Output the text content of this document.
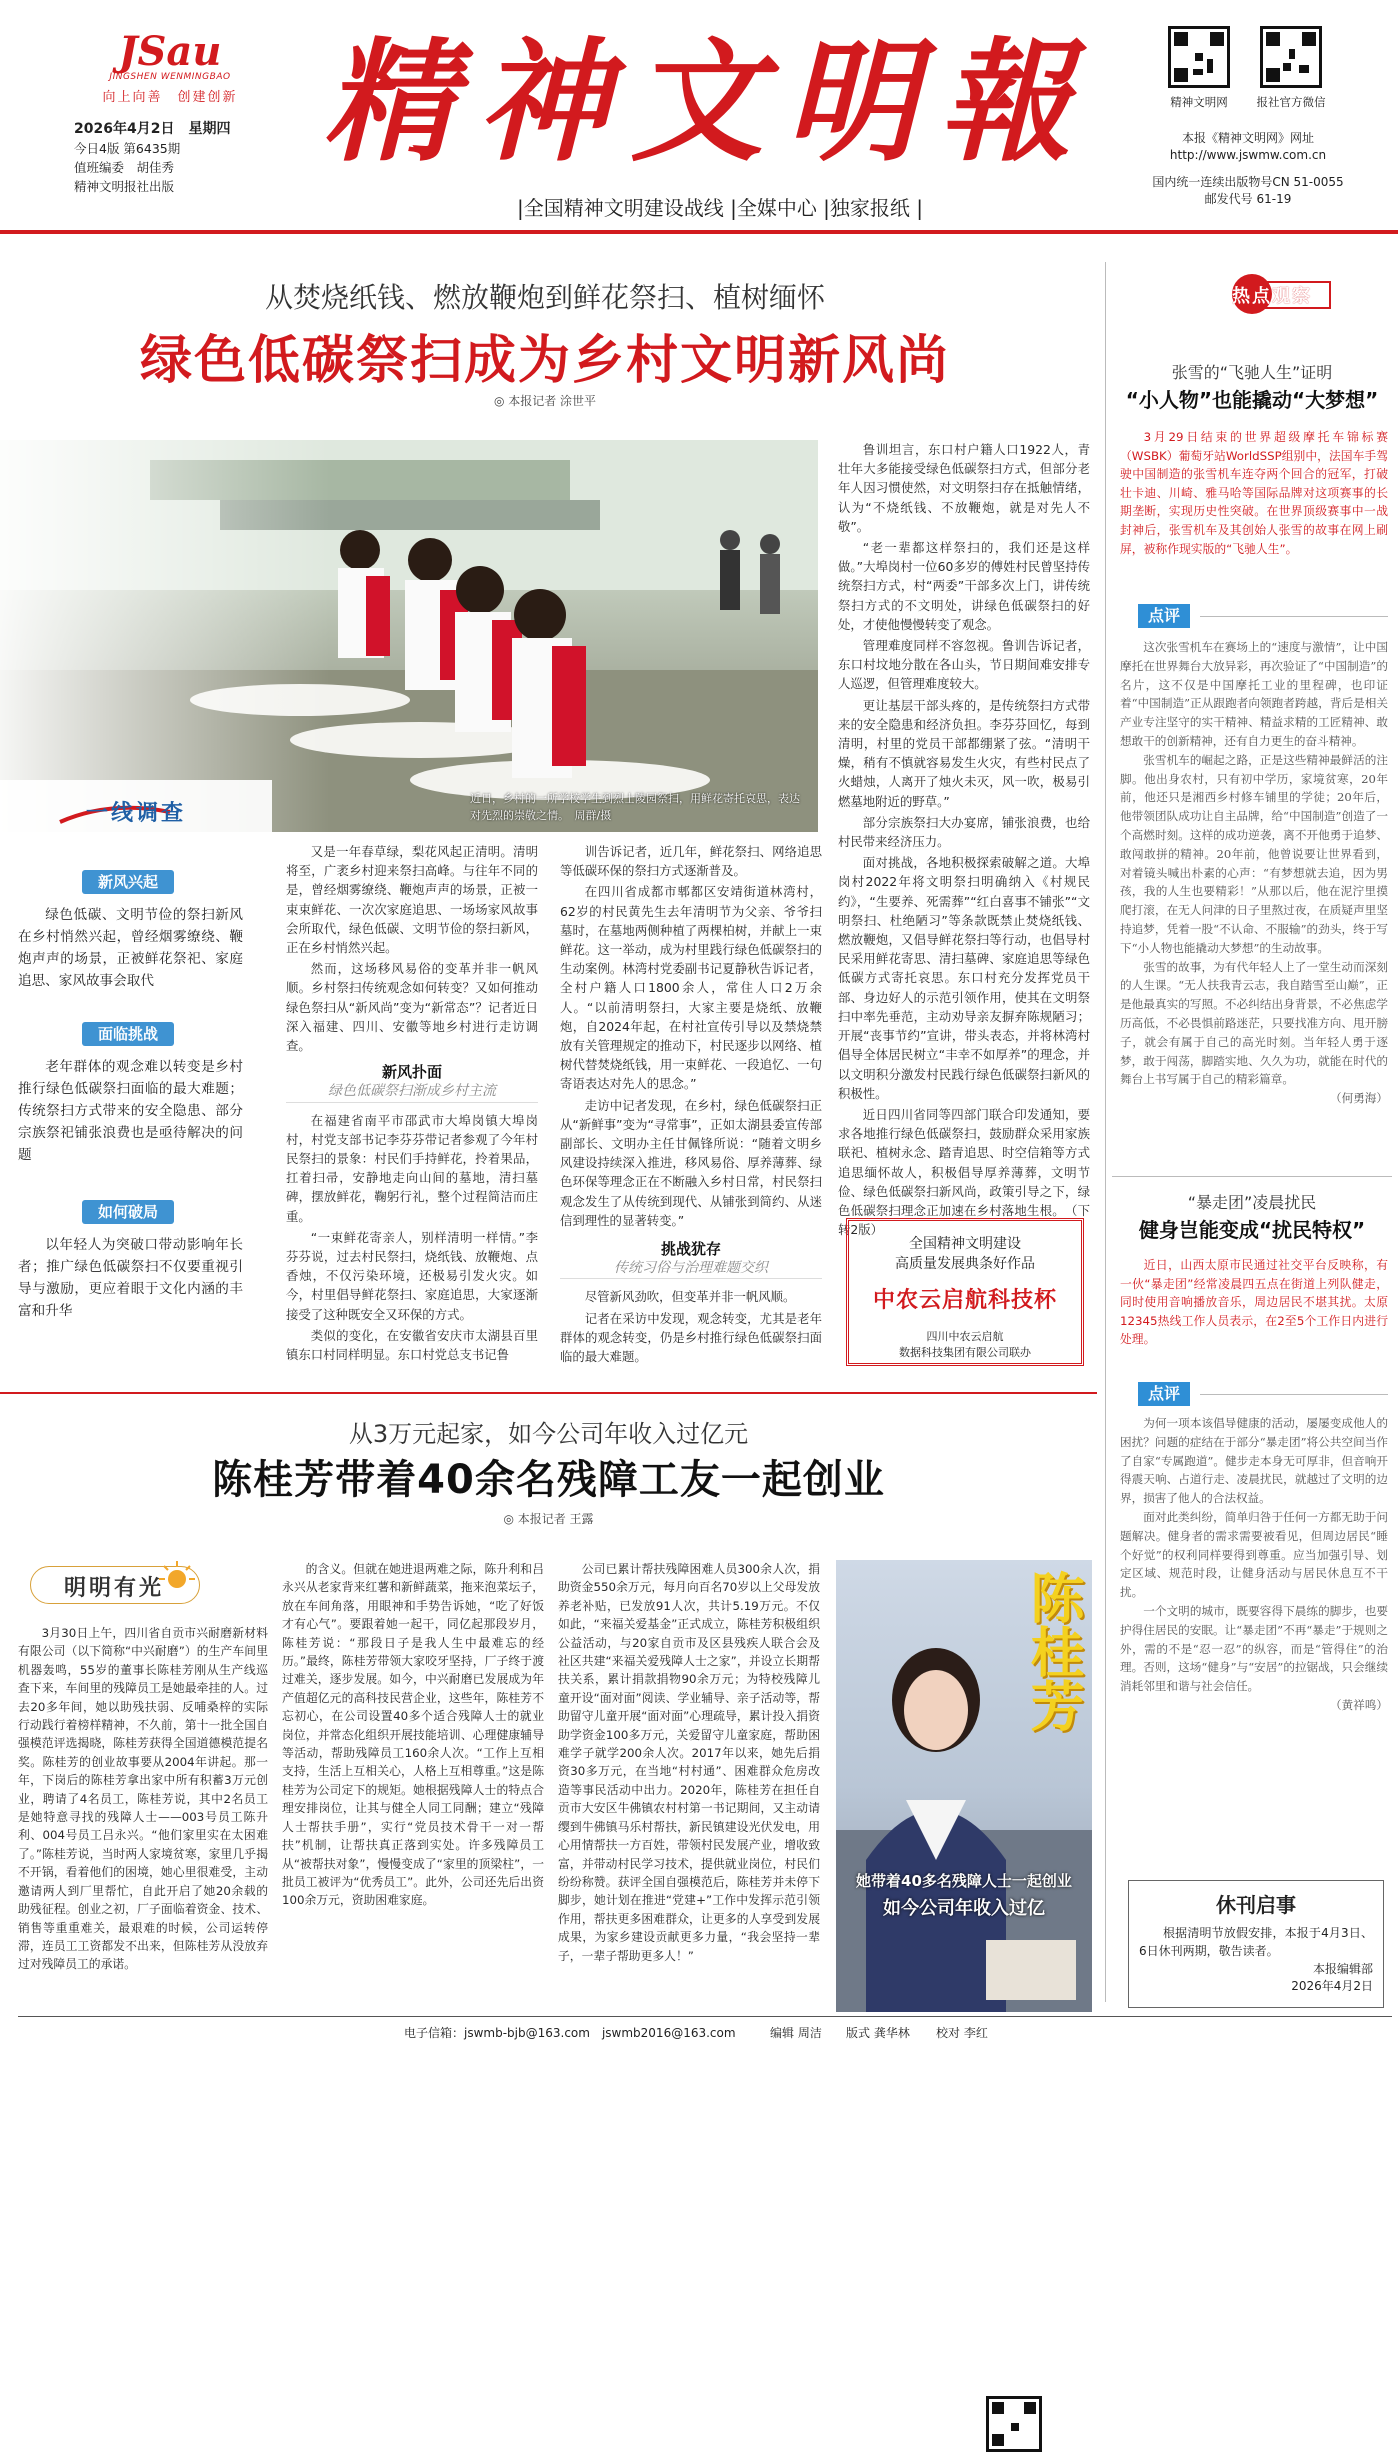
JSau
JINGSHEN WENMINGBAO
向上向善　创建创新
2026年4月2日　星期四
今日4版 第6435期
值班编委　胡佳秀
精神文明报社出版
精神文明報
|全国精神文明建设战线 |全媒中心 |独家报纸 |
精神文明网	报社官方微信
本报《精神文明网》网址
http://www.jswmw.com.cn
国内统一连续出版物号CN 51-0055
邮发代号 61-19
从焚烧纸钱、燃放鞭炮到鲜花祭扫、植树缅怀
绿色低碳祭扫成为乡村文明新风尚
◎ 本报记者 涂世平
近日，乡村的一所学校学生到烈士陵园祭扫，用鲜花寄托哀思，表达对先烈的崇敬之情。　周群/摄
一线调查
新风兴起
绿色低碳、文明节俭的祭扫新风在乡村悄然兴起，曾经烟雾缭绕、鞭炮声声的场景，正被鲜花祭祀、家庭追思、家风故事会取代
面临挑战
老年群体的观念难以转变是乡村推行绿色低碳祭扫面临的最大难题；传统祭扫方式带来的安全隐患、部分宗族祭祀铺张浪费也是亟待解决的问题
如何破局
以年轻人为突破口带动影响年长者；推广绿色低碳祭扫不仅要重视引导与激励，更应着眼于文化内涵的丰富和升华

又是一年春草绿，梨花风起正清明。清明将至，广袤乡村迎来祭扫高峰。与往年不同的是，曾经烟雾缭绕、鞭炮声声的场景，正被一束束鲜花、一次次家庭追思、一场场家风故事会所取代，绿色低碳、文明节俭的祭扫新风，正在乡村悄然兴起。

然而，这场移风易俗的变革并非一帆风顺。乡村祭扫传统观念如何转变？又如何推动绿色祭扫从“新风尚”变为“新常态”？记者近日深入福建、四川、安徽等地乡村进行走访调查。

新风扑面
绿色低碳祭扫渐成乡村主流

在福建省南平市邵武市大埠岗镇大埠岗村，村党支部书记李芬芬带记者参观了今年村民祭扫的景象：村民们手持鲜花，拎着果品，扛着扫帚，安静地走向山间的墓地，清扫墓碑，摆放鲜花，鞠躬行礼，整个过程简洁而庄重。

“一束鲜花寄亲人，别样清明一样情。”李芬芬说，过去村民祭扫，烧纸钱、放鞭炮、点香烛，不仅污染环境，还极易引发火灾。如今，村里倡导鲜花祭扫、家庭追思，大家逐渐接受了这种既安全又环保的方式。

类似的变化，在安徽省安庆市太湖县百里镇东口村同样明显。东口村党总支书记鲁

训告诉记者，近几年，鲜花祭扫、网络追思等低碳环保的祭扫方式逐渐普及。

在四川省成都市郫都区安靖街道林湾村，62岁的村民黄先生去年清明节为父亲、爷爷扫墓时，在墓地两侧种植了两棵柏树，并献上一束鲜花。这一举动，成为村里践行绿色低碳祭扫的生动案例。林湾村党委副书记夏静秋告诉记者，全村户籍人口1800余人，常住人口2万余人。“以前清明祭扫，大家主要是烧纸、放鞭炮，自2024年起，在村社宣传引导以及禁烧禁放有关管理规定的推动下，村民逐步以网络、植树代替焚烧纸钱，用一束鲜花、一段追忆、一句寄语表达对先人的思念。”

走访中记者发现，在乡村，绿色低碳祭扫正从“新鲜事”变为“寻常事”，正如太湖县委宣传部副部长、文明办主任甘佩锋所说：“随着文明乡风建设持续深入推进，移风易俗、厚养薄葬、绿色环保等理念正在不断融入乡村日常，村民祭扫观念发生了从传统到现代、从铺张到简约、从迷信到理性的显著转变。”

挑战犹存
传统习俗与治理难题交织

尽管新风劲吹，但变革并非一帆风顺。

记者在采访中发现，观念转变，尤其是老年群体的观念转变，仍是乡村推行绿色低碳祭扫面临的最大难题。

鲁训坦言，东口村户籍人口1922人，青壮年大多能接受绿色低碳祭扫方式，但部分老年人因习惯使然，对文明祭扫存在抵触情绪，认为“不烧纸钱、不放鞭炮，就是对先人不敬”。

“老一辈都这样祭扫的，我们还是这样做。”大埠岗村一位60多岁的傅姓村民曾坚持传统祭扫方式，村“两委”干部多次上门，讲传统祭扫方式的不文明处，讲绿色低碳祭扫的好处，才使他慢慢转变了观念。

管理难度同样不容忽视。鲁训告诉记者，东口村坟地分散在各山头，节日期间难安排专人巡逻，但管理难度较大。

更让基层干部头疼的，是传统祭扫方式带来的安全隐患和经济负担。李芬芬回忆，每到清明，村里的党员干部都绷紧了弦。“清明干燥，稍有不慎就容易发生火灾，有些村民点了火蜡烛，人离开了烛火未灭，风一吹，极易引燃墓地附近的野草。”

部分宗族祭扫大办宴席，铺张浪费，也给村民带来经济压力。

面对挑战，各地积极探索破解之道。大埠岗村2022年将文明祭扫明确纳入《村规民约》，“生要养、死需葬”“红白喜事不铺张”“文明祭扫、杜绝陋习”等条款既禁止焚烧纸钱、燃放鞭炮，又倡导鲜花祭扫等行动，也倡导村民采用鲜花寄思、清扫墓碑、家庭追思等绿色低碳方式寄托哀思。东口村充分发挥党员干部、身边好人的示范引领作用，使其在文明祭扫中率先垂范，主动劝导亲友摒弃陈规陋习；开展“丧事节约”宣讲，带头表态，并将林湾村倡导全体居民树立“丰幸不如厚养”的理念，并以文明积分激发村民践行绿色低碳祭扫新风的积极性。

近日四川省同等四部门联合印发通知，要求各地推行绿色低碳祭扫，鼓励群众采用家族联祀、植树永念、踏青追思、时空信箱等方式追思缅怀故人，积极倡导厚养薄葬，文明节俭、绿色低碳祭扫新风尚，政策引导之下，绿色低碳祭扫理念正加速在乡村落地生根。　（下转2版）

全国精神文明建设
高质量发展典条好作品
中农云启航科技杯
四川中农云启航
数据科技集团有限公司联办
热点观察
张雪的“飞驰人生”证明
“小人物”也能撬动“大梦想”
3月29日结束的世界超级摩托车锦标赛（WSBK）葡萄牙站WorldSSP组别中，法国车手驾驶中国制造的张雪机车连夺两个回合的冠军，打破壮卡迪、川崎、雅马哈等国际品牌对这项赛事的长期垄断，实现历史性突破。在世界顶级赛事中一战封神后，张雪机车及其创始人张雪的故事在网上刷屏，被称作现实版的“飞驰人生”。
点评

这次张雪机车在赛场上的“速度与激情”，让中国摩托在世界舞台大放异彩，再次验证了“中国制造”的名片，这不仅是中国摩托工业的里程碑，也印证着“中国制造”正从跟跑者向领跑者跨越，背后是相关产业专注坚守的实干精神、精益求精的工匠精神、敢想敢干的创新精神，还有自力更生的奋斗精神。

张雪机车的崛起之路，正是这些精神最鲜活的注脚。他出身农村，只有初中学历，家境贫寒，20年前，他还只是湘西乡村修车铺里的学徒；20年后，他带领团队成功让自主品牌，给“中国制造”创造了一个高燃时刻。这样的成功逆袭，离不开他勇于追梦、敢闯敢拼的精神。20年前，他曾说要让世界看到，对着镜头喊出朴素的心声：“有梦想就去追，因为男孩，我的人生也要精彩！”从那以后，他在泥泞里摸爬打滚，在无人问津的日子里熬过夜，在质疑声里坚持追梦，凭着一股“不认命、不服输”的劲头，终于写下“小人物也能撬动大梦想”的生动故事。

张雪的故事，为有代年轻人上了一堂生动而深刻的人生课。“无人扶我青云志，我自踏雪至山巅”，正是他最真实的写照。不必纠结出身背景，不必焦虑学历高低，不必畏惧前路迷茫，只要找准方向、甩开膀子，就会有属于自己的高光时刻。当年轻人勇于逐梦，敢于闯荡，脚踏实地、久久为功，就能在时代的舞台上书写属于自己的精彩篇章。

（何勇海）
“暴走团”凌晨扰民
健身岂能变成“扰民特权”
近日，山西太原市民通过社交平台反映称，有一伙“暴走团”经常凌晨四五点在街道上列队健走，同时使用音响播放音乐，周边居民不堪其扰。太原12345热线工作人员表示，在2至5个工作日内进行处理。
点评

为何一项本该倡导健康的活动，屡屡变成他人的困扰？问题的症结在于部分“暴走团”将公共空间当作了自家“专属跑道”。健步走本身无可厚非，但音响开得震天响、占道行走、凌晨扰民，就越过了文明的边界，损害了他人的合法权益。

面对此类纠纷，简单归咎于任何一方都无助于问题解决。健身者的需求需要被看见，但周边居民“睡个好觉”的权利同样要得到尊重。应当加强引导、划定区域、规范时段，让健身活动与居民休息互不干扰。

一个文明的城市，既要容得下晨练的脚步，也要护得住居民的安眠。让“暴走团”不再“暴走”于规则之外，需的不是“忍一忍”的纵容，而是“管得住”的治理。否则，这场“健身”与“安居”的拉锯战，只会继续消耗邻里和谐与社会信任。

（黄祥鸣）
休刊启事
根据清明节放假安排，本报于4月3日、6日休刊两期，敬告读者。
本报编辑部
2026年4月2日
从3万元起家，如今公司年收入过亿元
陈桂芳带着40余名残障工友一起创业
◎ 本报记者 王露
明明有光
3月30日上午，四川省自贡市兴耐磨新材料有限公司（以下简称“中兴耐磨”）的生产车间里机器轰鸣，55岁的董事长陈桂芳刚从生产线巡查下来，车间里的残障员工是她最牵挂的人。过去20多年间，她以助残扶弱、反哺桑梓的实际行动践行着榜样精神，不久前，第十一批全国自强模范评选揭晓，陈桂芳获得全国道德模范提名奖。陈桂芳的创业故事要从2004年讲起。那一年，下岗后的陈桂芳拿出家中所有积蓄3万元创业，聘请了4名员工，陈桂芳说，其中2名员工是她特意寻找的残障人士——003号员工陈升利、004号员工吕永兴。“他们家里实在太困难了。”陈桂芳说，当时两人家境贫寒，家里几乎揭不开锅，看着他们的困境，她心里很难受，主动邀请两人到厂里帮忙，自此开启了她20余载的助残征程。创业之初，厂子面临着资金、技术、销售等重重难关，最艰难的时候，公司运转停滞，连员工工资都发不出来，但陈桂芳从没放弃过对残障员工的承诺。
的含义。但就在她进退两难之际，陈升利和吕永兴从老家背来红薯和新鲜蔬菜，拖来泡菜坛子，放在车间角落，用眼神和手势告诉她，“吃了好饭才有心气”。要跟着她一起干，同亿起那段岁月，陈桂芳说：“那段日子是我人生中最难忘的经历。”最终，陈桂芳带领大家咬牙坚持，厂子终于渡过难关，逐步发展。如今，中兴耐磨已发展成为年产值超亿元的高科技民营企业，这些年，陈桂芳不忘初心，在公司设置40多个适合残障人士的就业岗位，并常态化组织开展技能培训、心理健康辅导等活动，帮助残障员工160余人次。“工作上互相支持，生活上互相关心，人格上互相尊重。”这是陈桂芳为公司定下的规矩。她根据残障人士的特点合理安排岗位，让其与健全人同工同酬；建立“残障人士帮扶手册”，实行“党员技术骨干一对一帮扶”机制，让帮扶真正落到实处。许多残障员工从“被帮扶对象”，慢慢变成了“家里的顶梁柱”，一批员工被评为“优秀员工”。此外，公司还先后出资100余万元，资助困难家庭。
公司已累计帮扶残障困难人员300余人次，捐助资金550余万元，每月向百名70岁以上父母发放养老补贴，已发放91人次，共计5.19万元。不仅如此，“来福关爱基金”正式成立，陈桂芳积极组织公益活动，与20家自贡市及区县残疾人联合会及社区共建“来福关爱残障人士之家”，并设立长期帮扶关系，累计捐款捐物90余万元；为特校残障儿童开设“面对面”阅读、学业辅导、亲子活动等，帮助留守儿童开展“面对面”心理疏导，累计投入捐资助学资金100多万元，关爱留守儿童家庭，帮助困难学子就学200余人次。2017年以来，她先后捐资30多万元，在当地“村村通”、困难群众危房改造等事民活动中出力。2020年，陈桂芳在担任自贡市大安区牛佛镇农村村第一书记期间，又主动请缨到牛佛镇马乐村帮扶，新民镇建设光伏发电，用心用情帮扶一方百姓，带领村民发展产业，增收致富，并带动村民学习技术，提供就业岗位，村民们纷纷称赞。获评全国自强模范后，陈桂芳并未停下脚步，她计划在推进“党建+”工作中发挥示范引领作用，帮扶更多困难群众，让更多的人享受到发展成果，为家乡建设贡献更多力量，“我会坚持一辈子，一辈子帮助更多人！”
陈桂芳
她带着40多名残障人士一起创业
如今公司年收入过亿
电子信箱：jswmb-bjb@163.com　jswmb2016@163.com	编辑 周洁 版式 龚华林 校对 李红
